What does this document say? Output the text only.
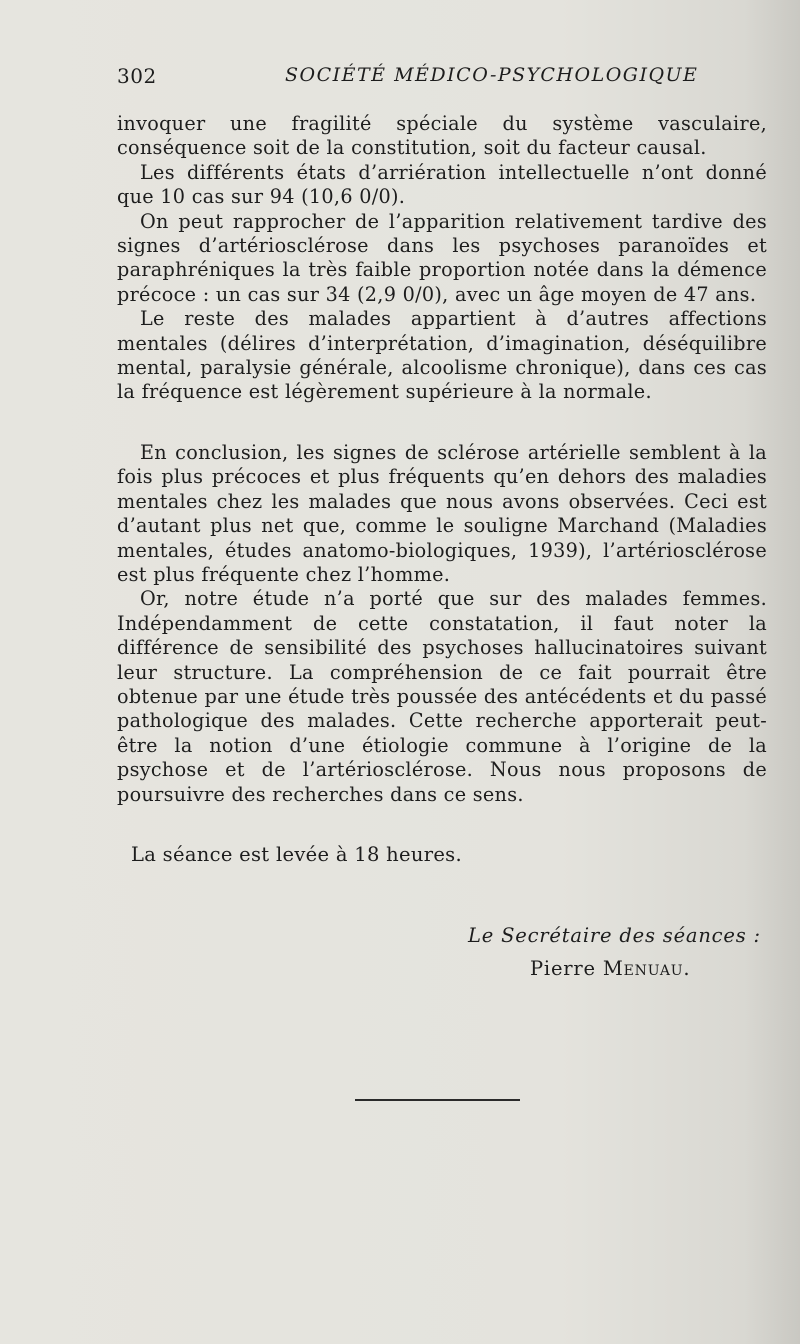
302	SOCIÉTÉ MÉDICO-PSYCHOLOGIQUE

invoquer une fragilité spéciale du système vasculaire, conséquence soit de la constitution, soit du facteur causal.

Les différents états d’arriération intellectuelle n’ont donné que 10 cas sur 94 (10,6 0/0).

On peut rapprocher de l’apparition relativement tardive des signes d’artériosclérose dans les psychoses paranoïdes et paraphréniques la très faible proportion notée dans la démence précoce : un cas sur 34 (2,9 0/0), avec un âge moyen de 47 ans.

Le reste des malades appartient à d’autres affections mentales (délires d’interprétation, d’imagination, déséquilibre mental, paralysie générale, alcoolisme chronique), dans ces cas la fréquence est légèrement supérieure à la normale.

En conclusion, les signes de sclérose artérielle semblent à la fois plus précoces et plus fréquents qu’en dehors des maladies mentales chez les malades que nous avons observées. Ceci est d’autant plus net que, comme le souligne Marchand (Maladies mentales, études anatomo-biologiques, 1939), l’artériosclérose est plus fréquente chez l’homme.

Or, notre étude n’a porté que sur des malades femmes. Indépendamment de cette constatation, il faut noter la différence de sensibilité des psychoses hallucinatoires suivant leur structure. La compréhension de ce fait pourrait être obtenue par une étude très poussée des antécédents et du passé pathologique des malades. Cette recherche apporterait peut-être la notion d’une étiologie commune à l’origine de la psychose et de l’artériosclérose. Nous nous proposons de poursuivre des recherches dans ce sens.

La séance est levée à 18 heures.
Le Secrétaire des séances :
Pierre Menuau.
